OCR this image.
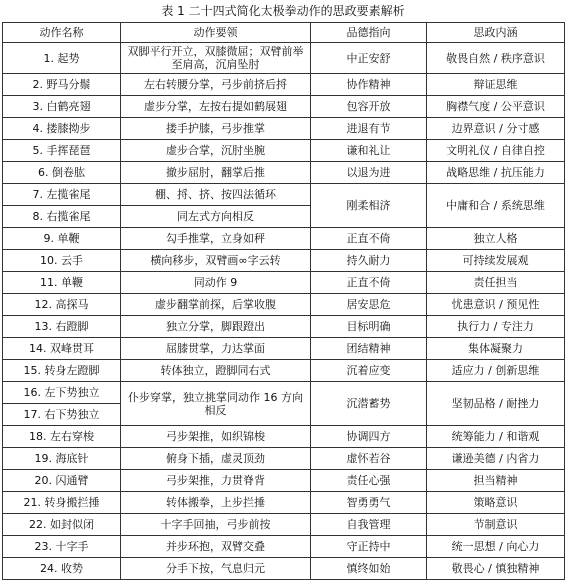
表 1 二十四式简化太极拳动作的思政要素解析
动作名称	动作要领	品德指向	思政内涵
1. 起势	双脚平行开立，双膝微屈；双臂前举至肩高，沉肩坠肘	中正安舒	敬畏自然 / 秩序意识
2. 野马分鬃	左右转腰分掌，弓步前挤后捋	协作精神	辩证思维
3. 白鹤亮翅	虚步分掌，左按右提如鹤展翅	包容开放	胸襟气度 / 公平意识
4. 搂膝拗步	搂手护膝，弓步推掌	进退有节	边界意识 / 分寸感
5. 手挥琵琶	虚步合掌，沉肘坐腕	谦和礼让	文明礼仪 / 自律自控
6. 倒卷肱	撤步屈肘，翻掌后推	以退为进	战略思维 / 抗压能力
7. 左揽雀尾	棚、捋、挤、按四法循环	刚柔相济	中庸和合 / 系统思维
8. 右揽雀尾	同左式方向相反		
9. 单鞭	勾手推掌，立身如秤	正直不倚	独立人格
10. 云手	横向移步，双臂画∞字云转	持久耐力	可持续发展观
11. 单鞭	同动作 9	正直不倚	责任担当
12. 高探马	虚步翻掌前探，后掌收腹	居安思危	忧患意识 / 预见性
13. 右蹬脚	独立分掌，脚跟蹬出	目标明确	执行力 / 专注力
14. 双峰贯耳	屈膝贯掌，力达掌面	团结精神	集体凝聚力
15. 转身左蹬脚	转体独立，蹬脚同右式	沉着应变	适应力 / 创新思维
16. 左下势独立	仆步穿掌，独立挑掌同动作 16 方向相反	沉潜蓄势	坚韧品格 / 耐挫力
17. 右下势独立			
18. 左右穿梭	弓步架推，如织锦梭	协调四方	统筹能力 / 和谐观
19. 海底针	俯身下插，虚灵顶劲	虚怀若谷	谦逊美德 / 内省力
20. 闪通臂	弓步架推，力贯脊背	责任心强	担当精神
21. 转身搬拦捶	转体搬拳，上步拦捶	智勇勇气	策略意识
22. 如封似闭	十字手回抽，弓步前按	自我管理	节制意识
23. 十字手	并步环抱，双臂交叠	守正持中	统一思想 / 向心力
24. 收势	分手下按，气息归元	慎终如始	敬畏心 / 慎独精神
